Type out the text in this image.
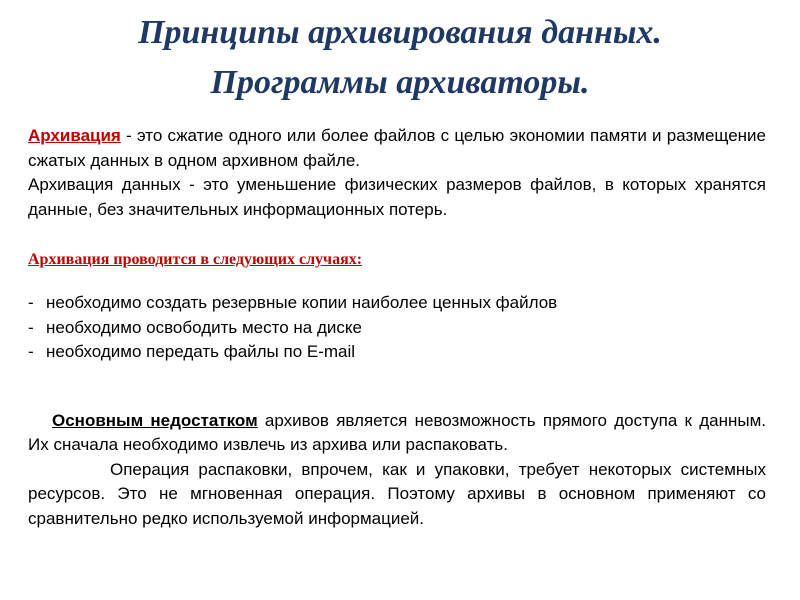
Принципы архивирования данных.
Программы архиваторы.

Архивация - это сжатие одного или более файлов с целью экономии памяти и размещение сжатых данных в одном архивном файле.

Архивация данных - это уменьшение физических размеров файлов, в которых хранятся данные, без значительных информационных потерь.

Архивация проводится в следующих случаях:

- необходимо создать резервные копии наиболее ценных файлов
- необходимо освободить место на диске
- необходимо передать файлы по E-mail

Основным недостатком архивов является невозможность прямого доступа к данным. Их сначала необходимо извлечь из архива или распаковать.

Операция распаковки, впрочем, как и упаковки, требует некоторых системных ресурсов. Это не мгновенная операция. Поэтому архивы в основном применяют со сравнительно редко используемой информацией.
